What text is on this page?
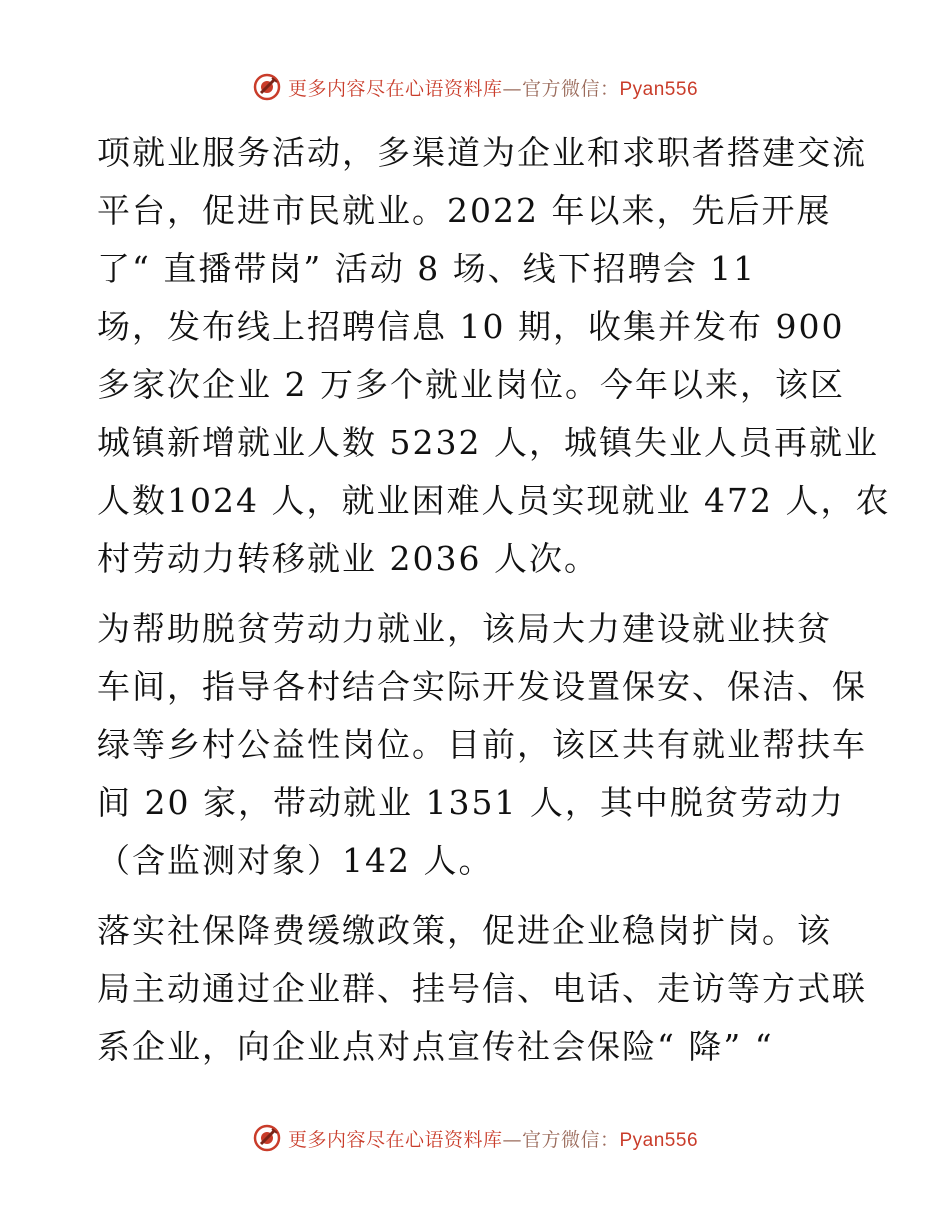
更多内容尽在心语资料库—官方微信：Pyan556
项就业服务活动，多渠道为企业和求职者搭建交流
平台，促进市民就业。2022 年以来，先后开展
了“ 直播带岗” 活动 8 场、线下招聘会 11
场，发布线上招聘信息 10 期，收集并发布 900
多家次企业 2 万多个就业岗位。今年以来，该区
城镇新增就业人数 5232 人，城镇失业人员再就业
人数1024 人，就业困难人员实现就业 472 人，农
村劳动力转移就业 2036 人次。
为帮助脱贫劳动力就业，该局大力建设就业扶贫
车间，指导各村结合实际开发设置保安、保洁、保
绿等乡村公益性岗位。目前，该区共有就业帮扶车
间 20 家，带动就业 1351 人，其中脱贫劳动力
（含监测对象）142 人。
落实社保降费缓缴政策，促进企业稳岗扩岗。该
局主动通过企业群、挂号信、电话、走访等方式联
系企业，向企业点对点宣传社会保险“ 降” “
更多内容尽在心语资料库—官方微信：Pyan556
